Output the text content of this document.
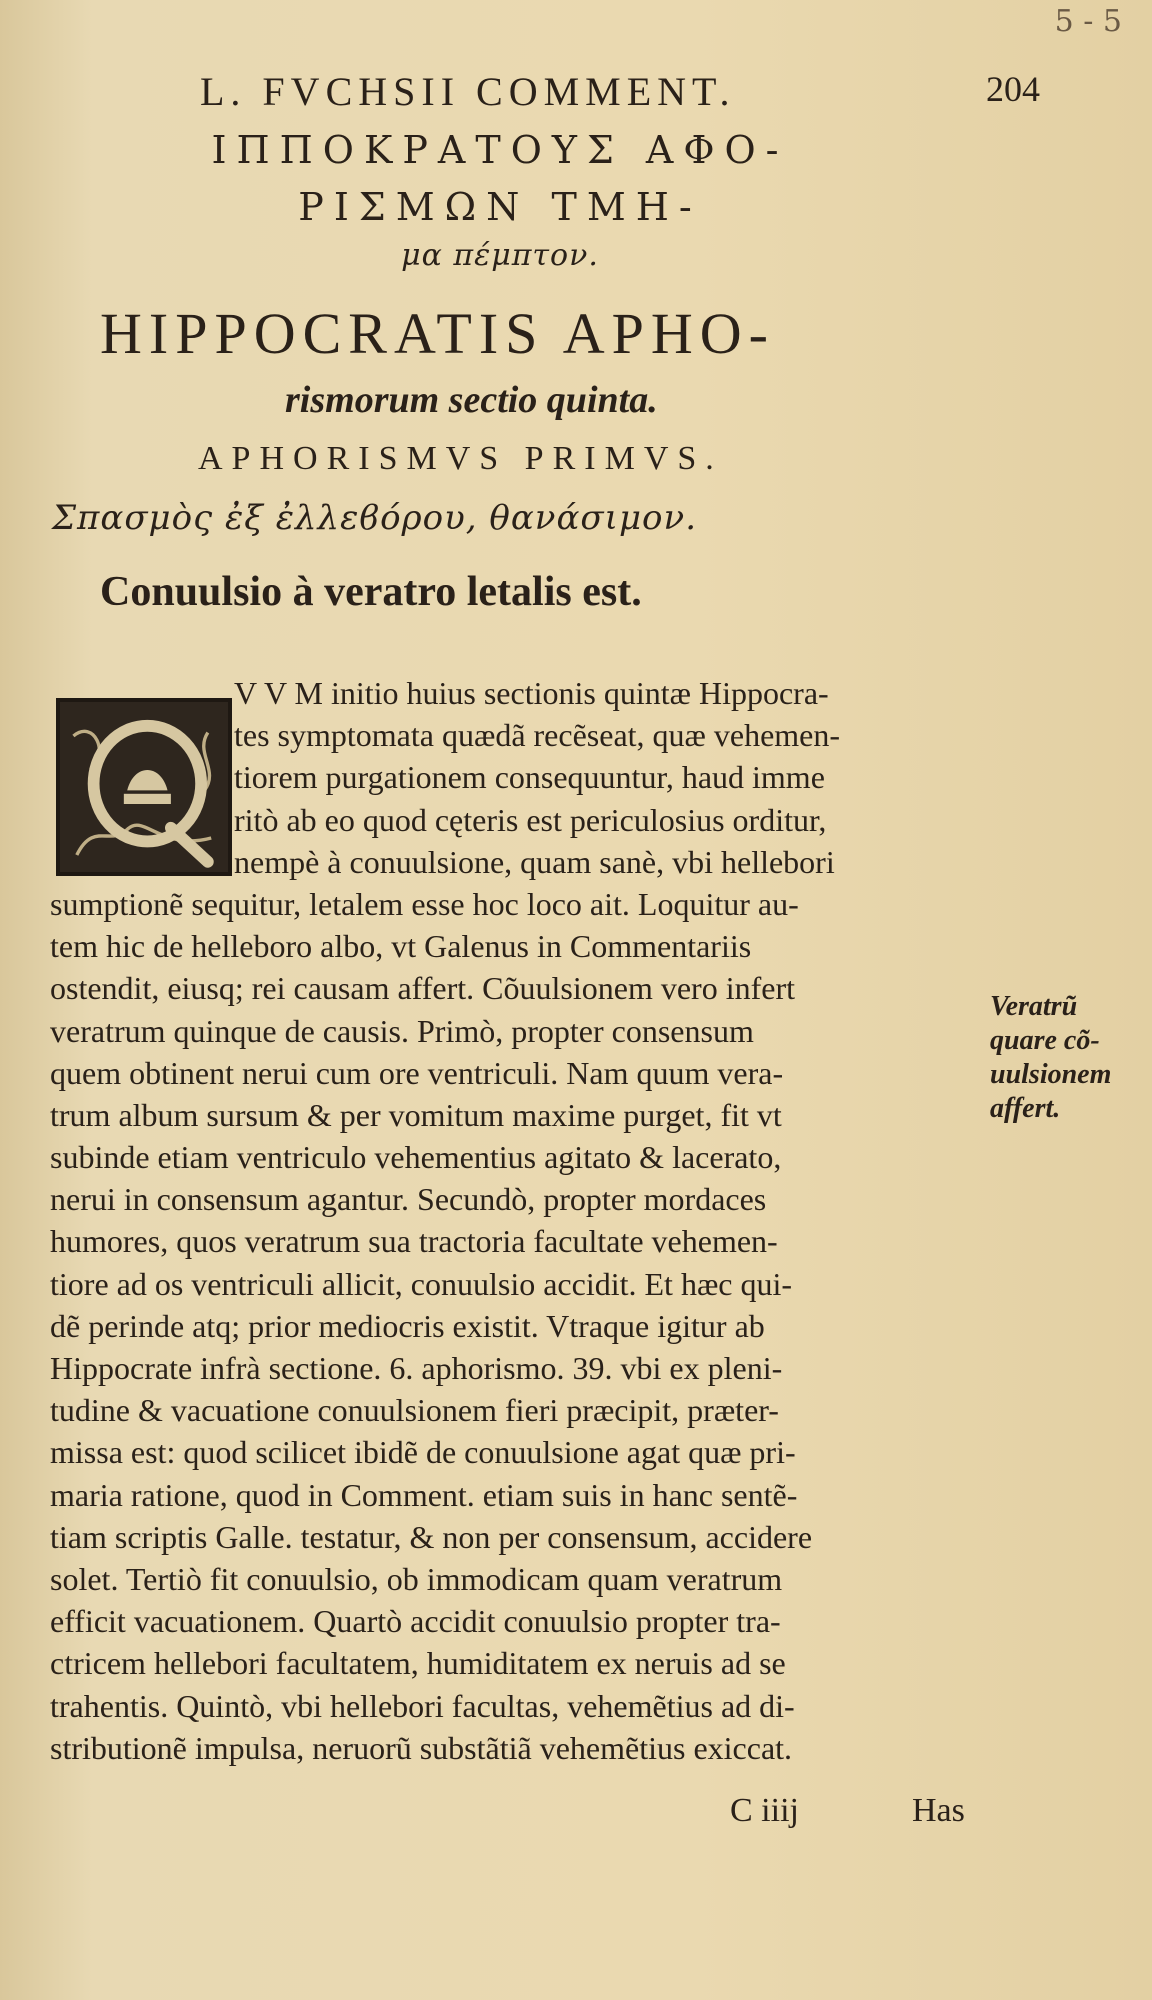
5 - 5
L. FVCHSII COMMENT.	204
ΙΠΠΟΚΡΑΤΟΥΣ ΑΦΟ-
ΡΙΣΜΩΝ ΤΜΗ-
μα πέμπτον.
HIPPOCRATIS APHO-
rismorum sectio quinta.
APHORISMVS PRIMVS.
Σπασμὸς ἐξ ἐλλεϐόρου, θανάσιμον.
Conuulsio à veratro letalis est.
V V M initio huius sectionis quintæ Hippocra-
tes symptomata quædã recẽseat, quæ vehemen-
tiorem purgationem consequuntur, haud imme
ritò ab eo quod cęteris est periculosius orditur,
nempè à conuulsione, quam sanè, vbi hellebori
sumptionẽ sequitur, letalem esse hoc loco ait. Loquitur au-
tem hic de helleboro albo, vt Galenus in Commentariis
ostendit, eiusq; rei causam affert. Cõuulsionem vero infert
veratrum quinque de causis. Primò, propter consensum
quem obtinent nerui cum ore ventriculi. Nam quum vera-
trum album sursum & per vomitum maxime purget, fit vt
subinde etiam ventriculo vehementius agitato & lacerato,
nerui in consensum agantur. Secundò, propter mordaces
humores, quos veratrum sua tractoria facultate vehemen-
tiore ad os ventriculi allicit, conuulsio accidit. Et hæc qui-
dẽ perinde atq; prior mediocris existit. Vtraque igitur ab
Hippocrate infrà sectione. 6. aphorismo. 39. vbi ex pleni-
tudine & vacuatione conuulsionem fieri præcipit, præter-
missa est: quod scilicet ibidẽ de conuulsione agat quæ pri-
maria ratione, quod in Comment. etiam suis in hanc sentẽ-
tiam scriptis Galle. testatur, & non per consensum, accidere
solet. Tertiò fit conuulsio, ob immodicam quam veratrum
efficit vacuationem. Quartò accidit conuulsio propter tra-
ctricem hellebori facultatem, humiditatem ex neruis ad se
trahentis. Quintò, vbi hellebori facultas, vehemẽtius ad di-
stributionẽ impulsa, neruorũ substãtiã vehemẽtius exiccat.
Veratrũ
quare cõ-
uulsionem
affert.
C iiij	Has
